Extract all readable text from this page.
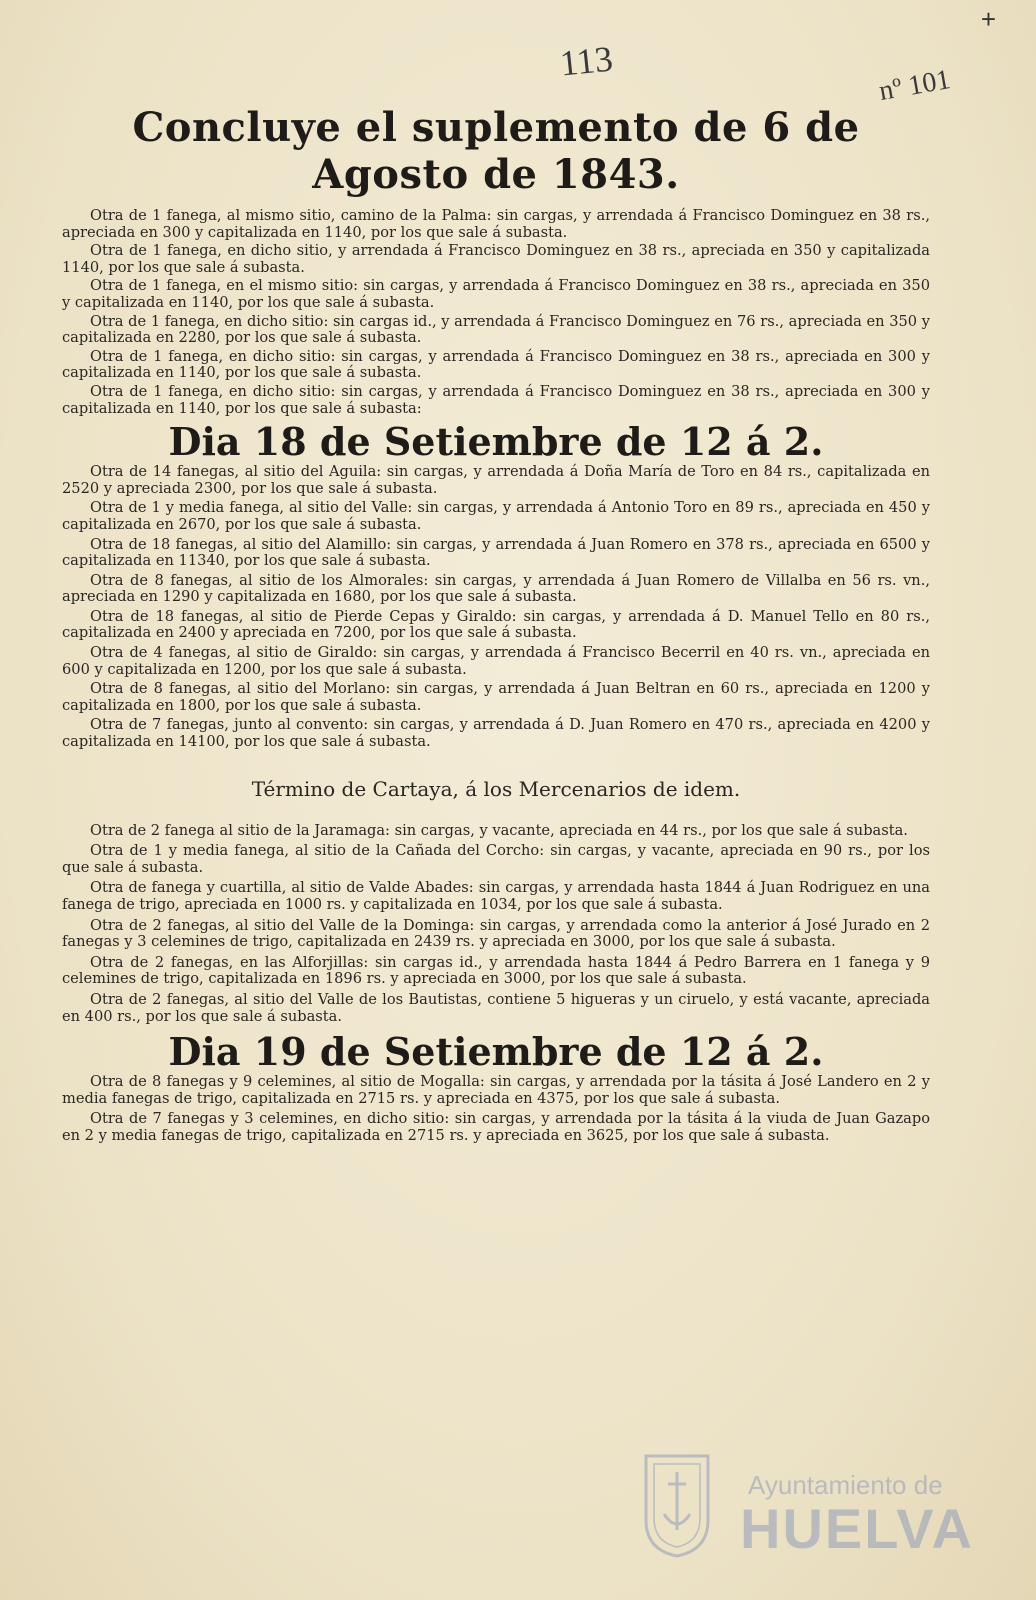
+
113
nº 101
Concluye el suplemento de 6 de Agosto de 1843.

Otra de 1 fanega, al mismo sitio, camino de la Palma: sin cargas, y arrendada á Francisco Dominguez en 38 rs., apreciada en 300 y capitalizada en 1140, por los que sale á subasta.

Otra de 1 fanega, en dicho sitio, y arrendada á Francisco Dominguez en 38 rs., apreciada en 350 y capitalizada 1140, por los que sale á subasta.

Otra de 1 fanega, en el mismo sitio: sin cargas, y arrendada á Francisco Dominguez en 38 rs., apreciada en 350 y capitalizada en 1140, por los que sale á subasta.

Otra de 1 fanega, en dicho sitio: sin cargas id., y arrendada á Francisco Dominguez en 76 rs., apreciada en 350 y capitalizada en 2280, por los que sale á subasta.

Otra de 1 fanega, en dicho sitio: sin cargas, y arrendada á Francisco Dominguez en 38 rs., apreciada en 300 y capitalizada en 1140, por los que sale á subasta.

Otra de 1 fanega, en dicho sitio: sin cargas, y arrendada á Francisco Dominguez en 38 rs., apreciada en 300 y capitalizada en 1140, por los que sale á subasta:

Dia 18 de Setiembre de 12 á 2.

Otra de 14 fanegas, al sitio del Aguila: sin cargas, y arrendada á Doña María de Toro en 84 rs., capitalizada en 2520 y apreciada 2300, por los que sale á subasta.

Otra de 1 y media fanega, al sitio del Valle: sin cargas, y arrendada á Antonio Toro en 89 rs., apreciada en 450 y capitalizada en 2670, por los que sale á subasta.

Otra de 18 fanegas, al sitio del Alamillo: sin cargas, y arrendada á Juan Romero en 378 rs., apreciada en 6500 y capitalizada en 11340, por los que sale á subasta.

Otra de 8 fanegas, al sitio de los Almorales: sin cargas, y arrendada á Juan Romero de Villalba en 56 rs. vn., apreciada en 1290 y capitalizada en 1680, por los que sale á subasta.

Otra de 18 fanegas, al sitio de Pierde Cepas y Giraldo: sin cargas, y arrendada á D. Manuel Tello en 80 rs., capitalizada en 2400 y apreciada en 7200, por los que sale á subasta.

Otra de 4 fanegas, al sitio de Giraldo: sin cargas, y arrendada á Francisco Becerril en 40 rs. vn., apreciada en 600 y capitalizada en 1200, por los que sale á subasta.

Otra de 8 fanegas, al sitio del Morlano: sin cargas, y arrendada á Juan Beltran en 60 rs., apreciada en 1200 y capitalizada en 1800, por los que sale á subasta.

Otra de 7 fanegas, junto al convento: sin cargas, y arrendada á D. Juan Romero en 470 rs., apreciada en 4200 y capitalizada en 14100, por los que sale á subasta.

Término de Cartaya, á los Mercenarios de idem.

Otra de 2 fanega al sitio de la Jaramaga: sin cargas, y vacante, apreciada en 44 rs., por los que sale á subasta.

Otra de 1 y media fanega, al sitio de la Cañada del Corcho: sin cargas, y vacante, apreciada en 90 rs., por los que sale á subasta.

Otra de fanega y cuartilla, al sitio de Valde Abades: sin cargas, y arrendada hasta 1844 á Juan Rodriguez en una fanega de trigo, apreciada en 1000 rs. y capitalizada en 1034, por los que sale á subasta.

Otra de 2 fanegas, al sitio del Valle de la Dominga: sin cargas, y arrendada como la anterior á José Jurado en 2 fanegas y 3 celemines de trigo, capitalizada en 2439 rs. y apreciada en 3000, por los que sale á subasta.

Otra de 2 fanegas, en las Alforjillas: sin cargas id., y arrendada hasta 1844 á Pedro Barrera en 1 fanega y 9 celemines de trigo, capitalizada en 1896 rs. y apreciada en 3000, por los que sale á subasta.

Otra de 2 fanegas, al sitio del Valle de los Bautistas, contiene 5 higueras y un ciruelo, y está vacante, apreciada en 400 rs., por los que sale á subasta.

Dia 19 de Setiembre de 12 á 2.

Otra de 8 fanegas y 9 celemines, al sitio de Mogalla: sin cargas, y arrendada por la tásita á José Landero en 2 y media fanegas de trigo, capitalizada en 2715 rs. y apreciada en 4375, por los que sale á subasta.

Otra de 7 fanegas y 3 celemines, en dicho sitio: sin cargas, y arrendada por la tásita á la viuda de Juan Gazapo en 2 y media fanegas de trigo, capitalizada en 2715 rs. y apreciada en 3625, por los que sale á subasta.

Ayuntamiento de
HUELVA
